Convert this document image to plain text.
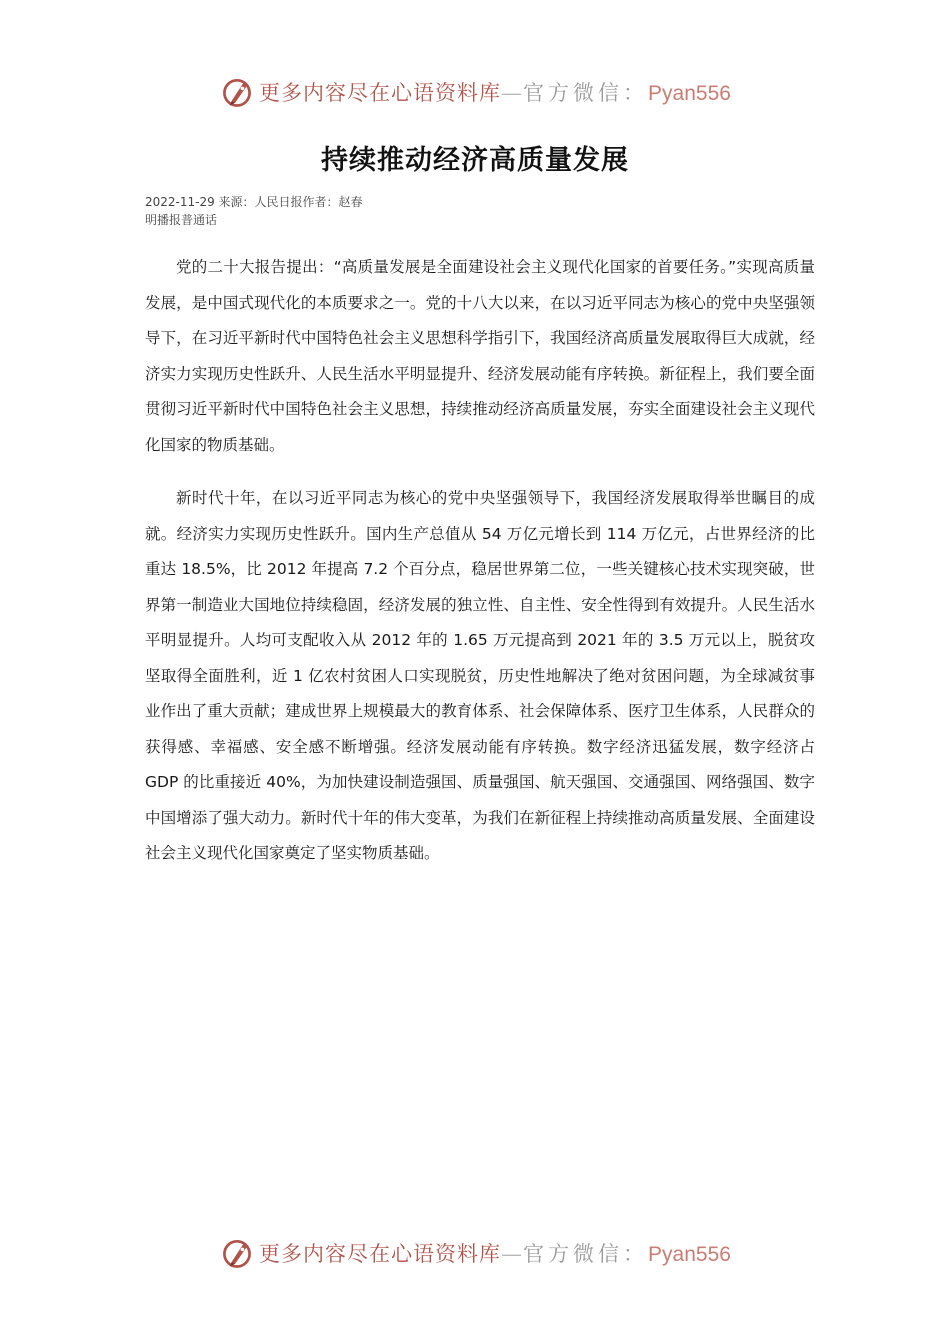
更多内容尽在心语资料库—官方微信：Pyan556
持续推动经济高质量发展
2022-11-29 来源：人民日报作者：赵春
明播报普通话

党的二十大报告提出：“高质量发展是全面建设社会主义现代化国家的首要任务。”实现高质量发展，是中国式现代化的本质要求之一。党的十八大以来，在以习近平同志为核心的党中央坚强领导下，在习近平新时代中国特色社会主义思想科学指引下，我国经济高质量发展取得巨大成就，经济实力实现历史性跃升、人民生活水平明显提升、经济发展动能有序转换。新征程上，我们要全面贯彻习近平新时代中国特色社会主义思想，持续推动经济高质量发展，夯实全面建设社会主义现代化国家的物质基础。

新时代十年，在以习近平同志为核心的党中央坚强领导下，我国经济发展取得举世瞩目的成就。经济实力实现历史性跃升。国内生产总值从 54 万亿元增长到 114 万亿元，占世界经济的比重达 18.5%，比 2012 年提高 7.2 个百分点，稳居世界第二位，一些关键核心技术实现突破，世界第一制造业大国地位持续稳固，经济发展的独立性、自主性、安全性得到有效提升。人民生活水平明显提升。人均可支配收入从 2012 年的 1.65 万元提高到 2021 年的 3.5 万元以上，脱贫攻坚取得全面胜利，近 1 亿农村贫困人口实现脱贫，历史性地解决了绝对贫困问题，为全球减贫事业作出了重大贡献；建成世界上规模最大的教育体系、社会保障体系、医疗卫生体系，人民群众的获得感、幸福感、安全感不断增强。经济发展动能有序转换。数字经济迅猛发展，数字经济占 GDP 的比重接近 40%，为加快建设制造强国、质量强国、航天强国、交通强国、网络强国、数字中国增添了强大动力。新时代十年的伟大变革，为我们在新征程上持续推动高质量发展、全面建设社会主义现代化国家奠定了坚实物质基础。

更多内容尽在心语资料库—官方微信：Pyan556
